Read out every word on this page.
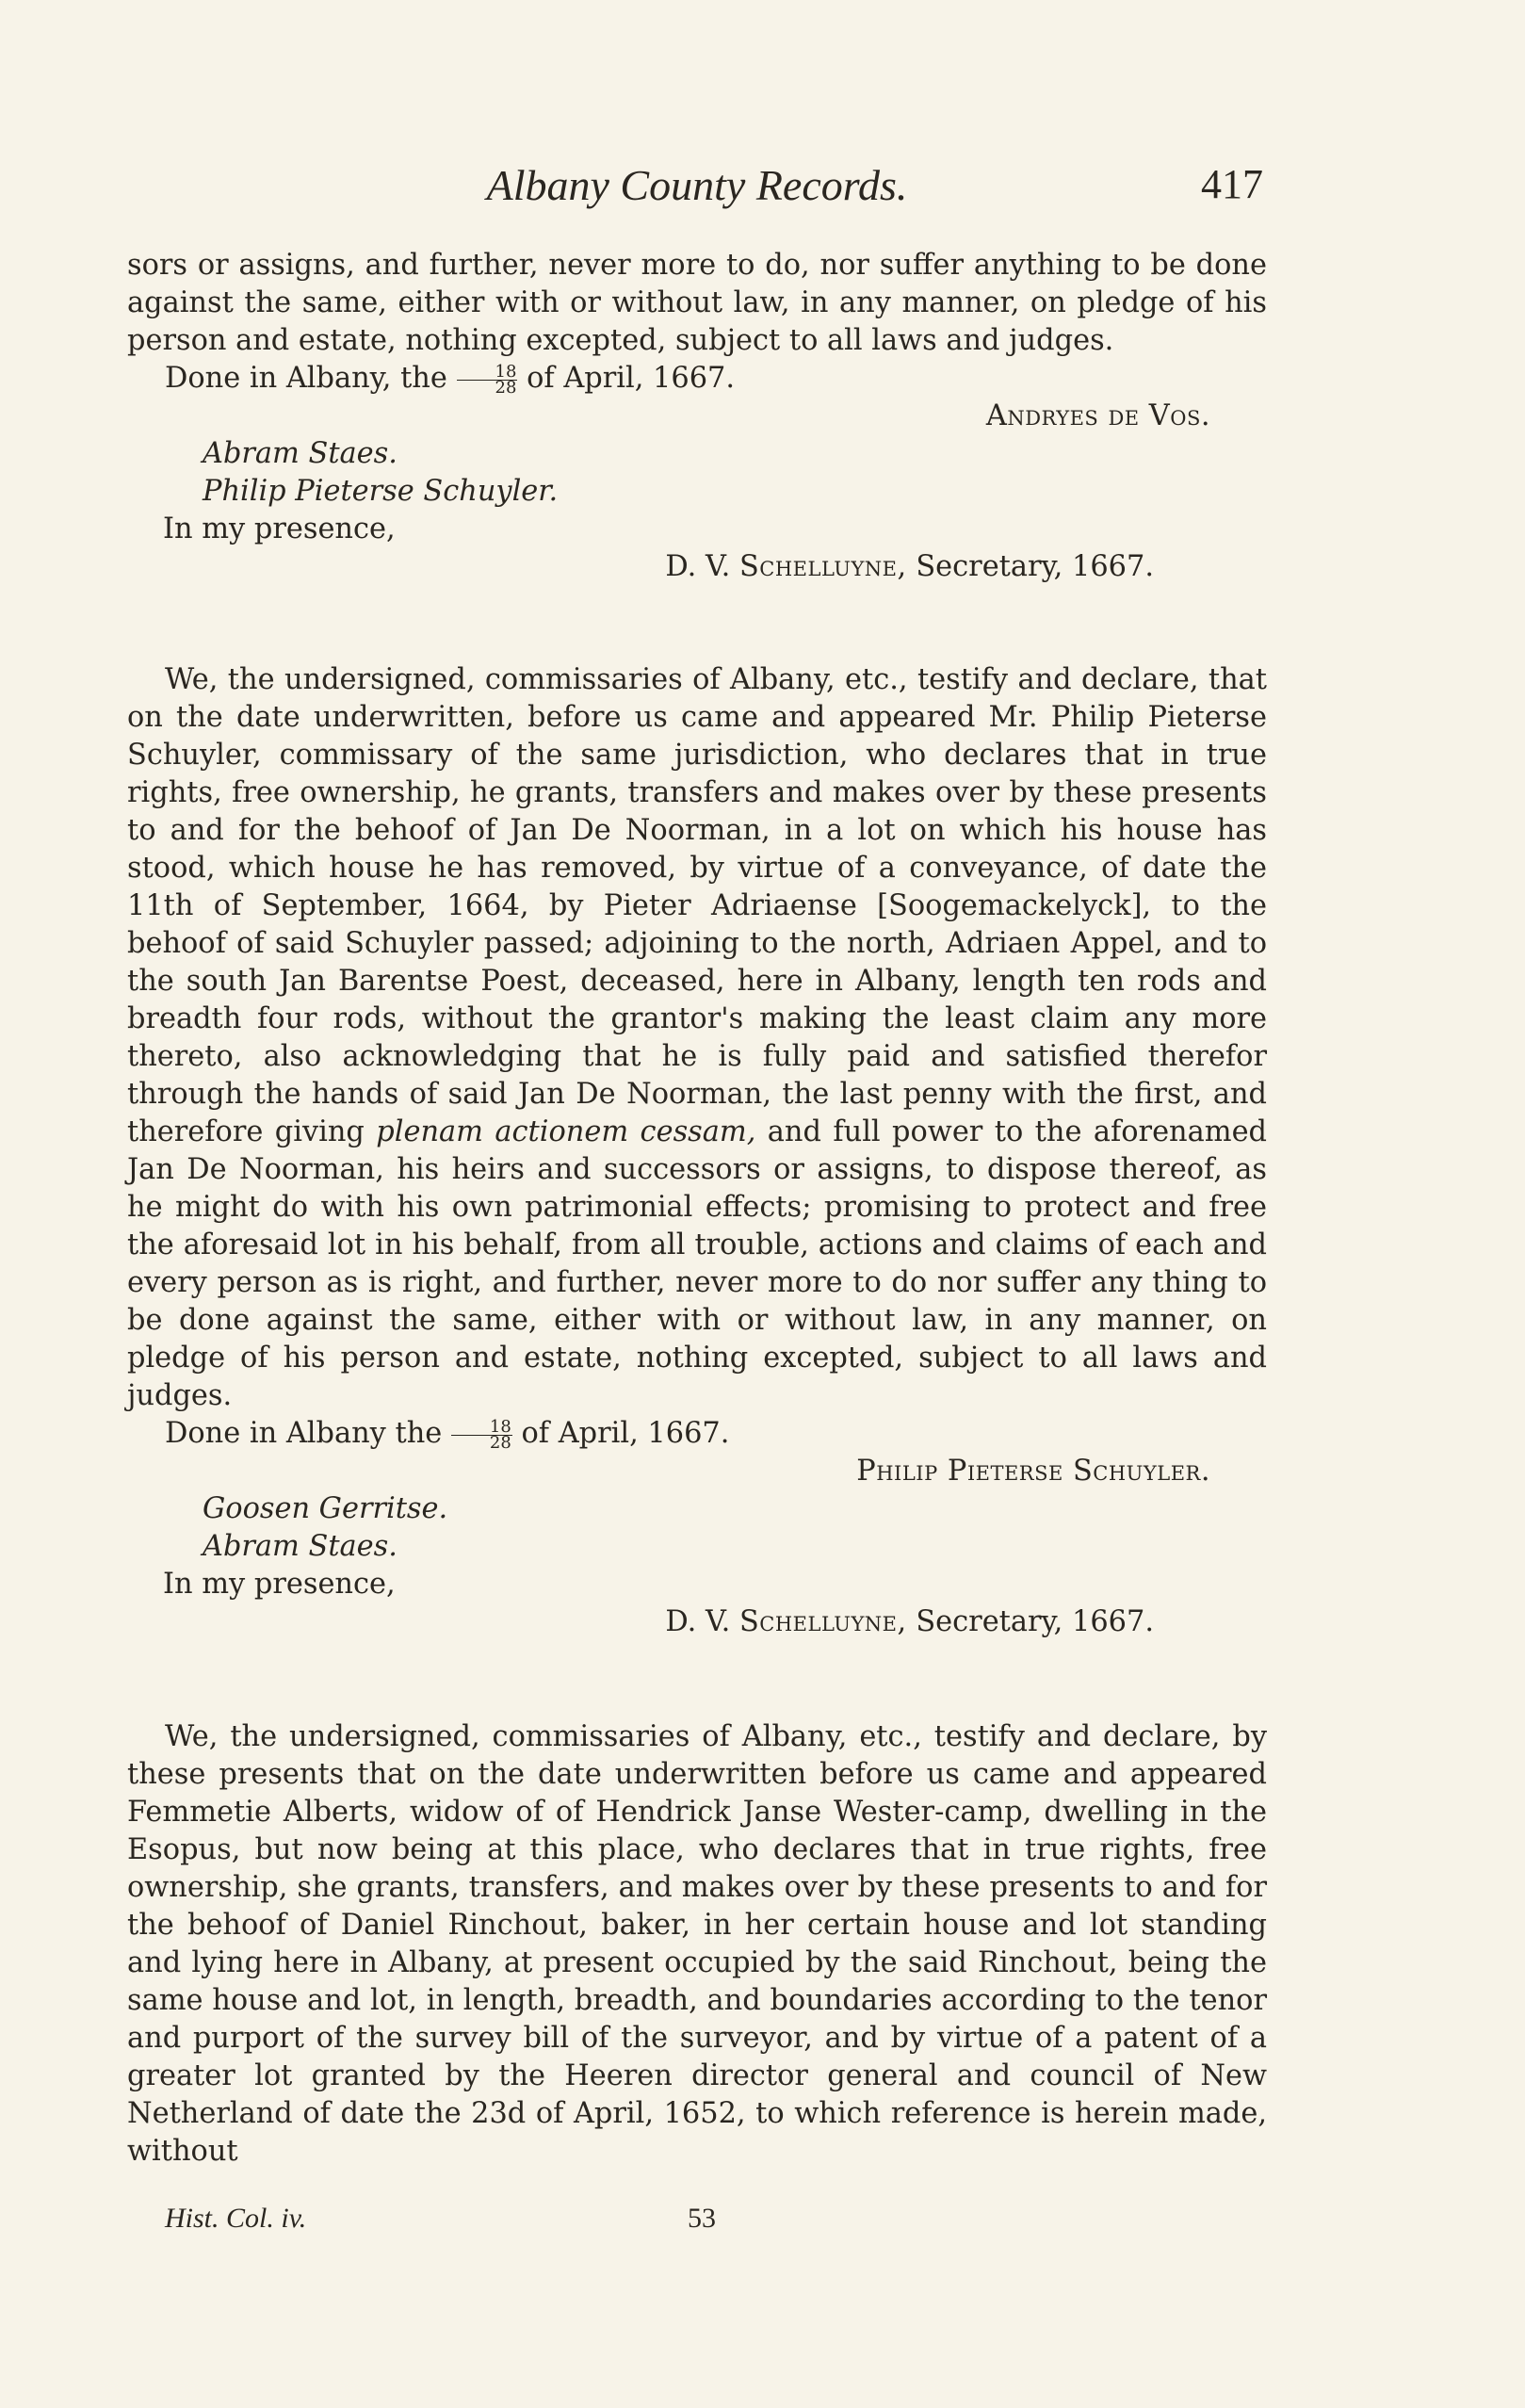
Albany County Records.	417

sors or assigns, and further, never more to do, nor suffer anything to be done against the same, either with or without law, in any manner, on pledge of his person and estate, nothing excepted, subject to all laws and judges.

Done in Albany, the $\frac{18}{28}$ of April, 1667.

Andryes de Vos.

Abram Staes.

Philip Pieterse Schuyler.

In my presence,

D. V. Schelluyne, Secretary, 1667.

We, the undersigned, commissaries of Albany, etc., testify and declare, that on the date underwritten, before us came and appeared Mr. Philip Pieterse Schuyler, commissary of the same jurisdiction, who declares that in true rights, free ownership, he grants, transfers and makes over by these presents to and for the behoof of Jan De Noorman, in a lot on which his house has stood, which house he has removed, by virtue of a conveyance, of date the 11th of September, 1664, by Pieter Adriaense [Soogemackelyck], to the behoof of said Schuyler passed; adjoining to the north, Adriaen Appel, and to the south Jan Barentse Poest, deceased, here in Albany, length ten rods and breadth four rods, without the grantor's making the least claim any more thereto, also acknowledging that he is fully paid and satisfied therefor through the hands of said Jan De Noorman, the last penny with the first, and therefore giving plenam actionem cessam, and full power to the aforenamed Jan De Noorman, his heirs and successors or assigns, to dispose thereof, as he might do with his own patrimonial effects; promising to protect and free the aforesaid lot in his behalf, from all trouble, actions and claims of each and every person as is right, and further, never more to do nor suffer any thing to be done against the same, either with or without law, in any manner, on pledge of his person and estate, nothing excepted, subject to all laws and judges.

Done in Albany the $\frac{18}{28}$ of April, 1667.

Philip Pieterse Schuyler.

Goosen Gerritse.

Abram Staes.

In my presence,

D. V. Schelluyne, Secretary, 1667.

We, the undersigned, commissaries of Albany, etc., testify and declare, by these presents that on the date underwritten before us came and appeared Femmetie Alberts, widow of of Hendrick Janse Wester-camp, dwelling in the Esopus, but now being at this place, who declares that in true rights, free ownership, she grants, transfers, and makes over by these presents to and for the behoof of Daniel Rinchout, baker, in her certain house and lot standing and lying here in Albany, at present occupied by the said Rinchout, being the same house and lot, in length, breadth, and boundaries according to the tenor and purport of the survey bill of the surveyor, and by virtue of a patent of a greater lot granted by the Heeren director general and council of New Netherland of date the 23d of April, 1652, to which reference is herein made, without

Hist. Col. iv.	53
